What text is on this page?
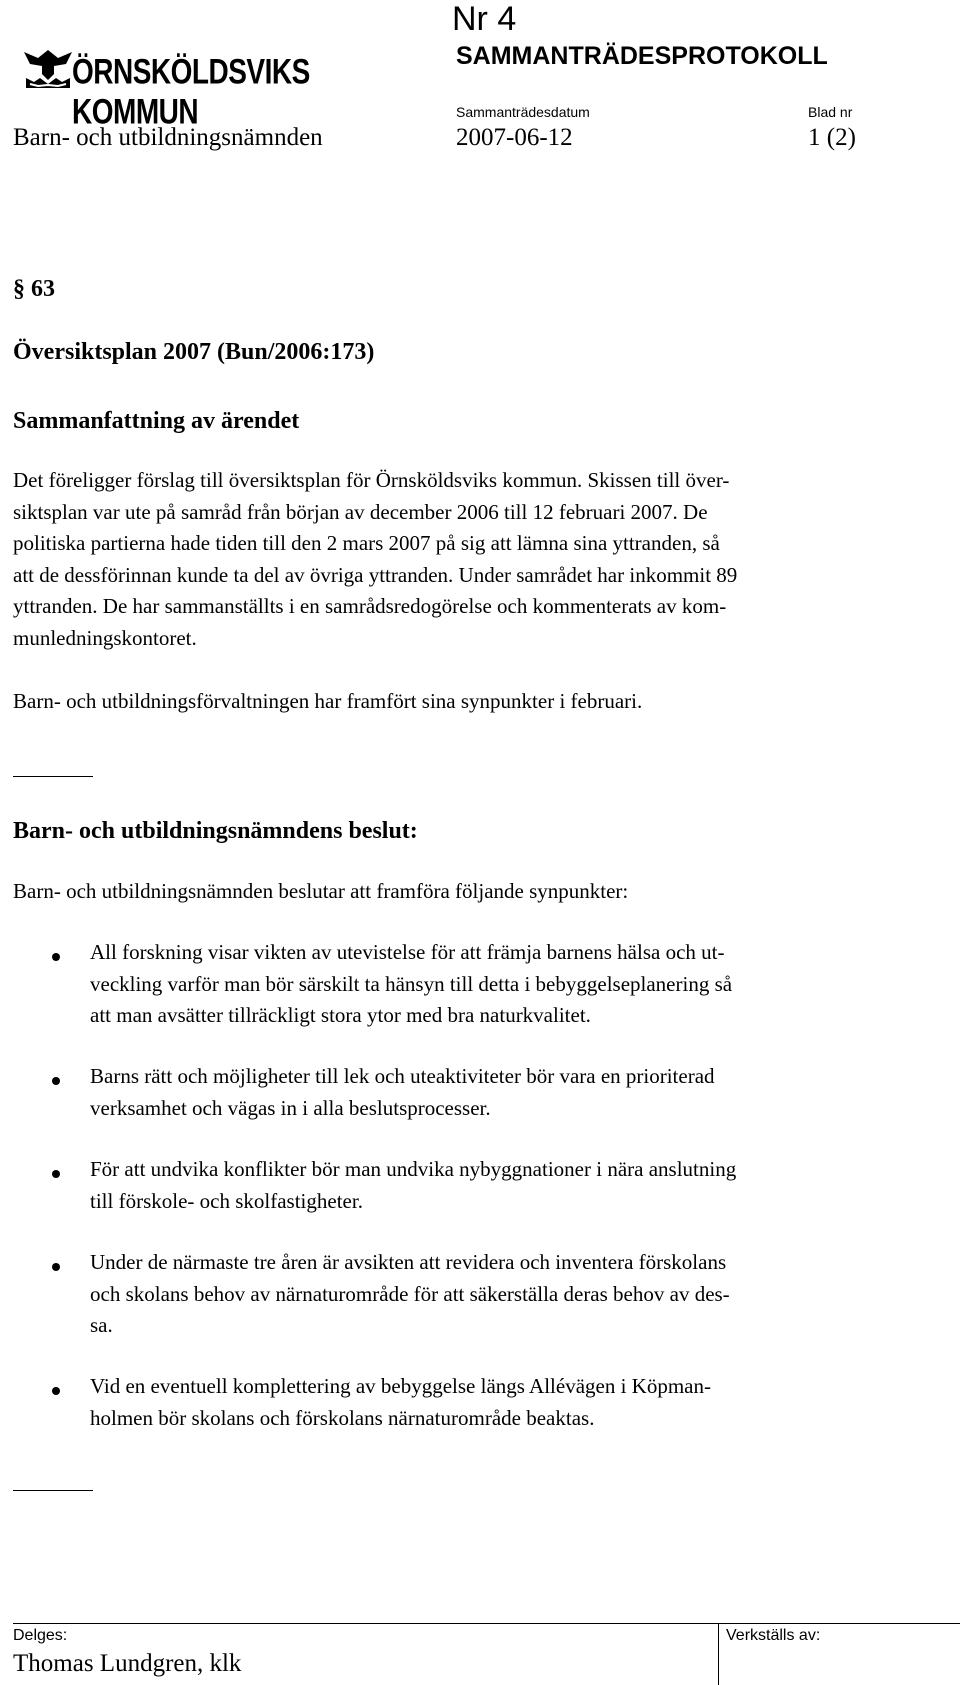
Nr 4
SAMMANTRÄDESPROTOKOLL
ÖRNSKÖLDSVIKS KOMMUN	Sammanträdesdatum	Blad nr
Barn- och utbildningsnämnden	2007-06-12	1 (2)
§ 63
Översiktsplan 2007 (Bun/2006:173)
Sammanfattning av ärendet
Det föreligger förslag till översiktsplan för Örnsköldsviks kommun. Skissen till över-
siktsplan var ute på samråd från början av december 2006 till 12 februari 2007. De
politiska partierna hade tiden till den 2 mars 2007 på sig att lämna sina yttranden, så
att de dessförinnan kunde ta del av övriga yttranden. Under samrådet har inkommit 89
yttranden. De har sammanställts i en samrådsredogörelse och kommenterats av kom-
munledningskontoret.
Barn- och utbildningsförvaltningen har framfört sina synpunkter i februari.
Barn- och utbildningsnämndens beslut:
Barn- och utbildningsnämnden beslutar att framföra följande synpunkter:
All forskning visar vikten av utevistelse för att främja barnens hälsa och ut-
veckling varför man bör särskilt ta hänsyn till detta i bebyggelseplanering så
att man avsätter tillräckligt stora ytor med bra naturkvalitet.
Barns rätt och möjligheter till lek och uteaktiviteter bör vara en prioriterad
verksamhet och vägas in i alla beslutsprocesser.
För att undvika konflikter bör man undvika nybyggnationer i nära anslutning
till förskole- och skolfastigheter.
Under de närmaste tre åren är avsikten att revidera och inventera förskolans
och skolans behov av närnaturområde för att säkerställa deras behov av des-
sa.
Vid en eventuell komplettering av bebyggelse längs Allévägen i Köpman-
holmen bör skolans och förskolans närnaturområde beaktas.
Delges:	Verkställs av:
Thomas Lundgren, klk
